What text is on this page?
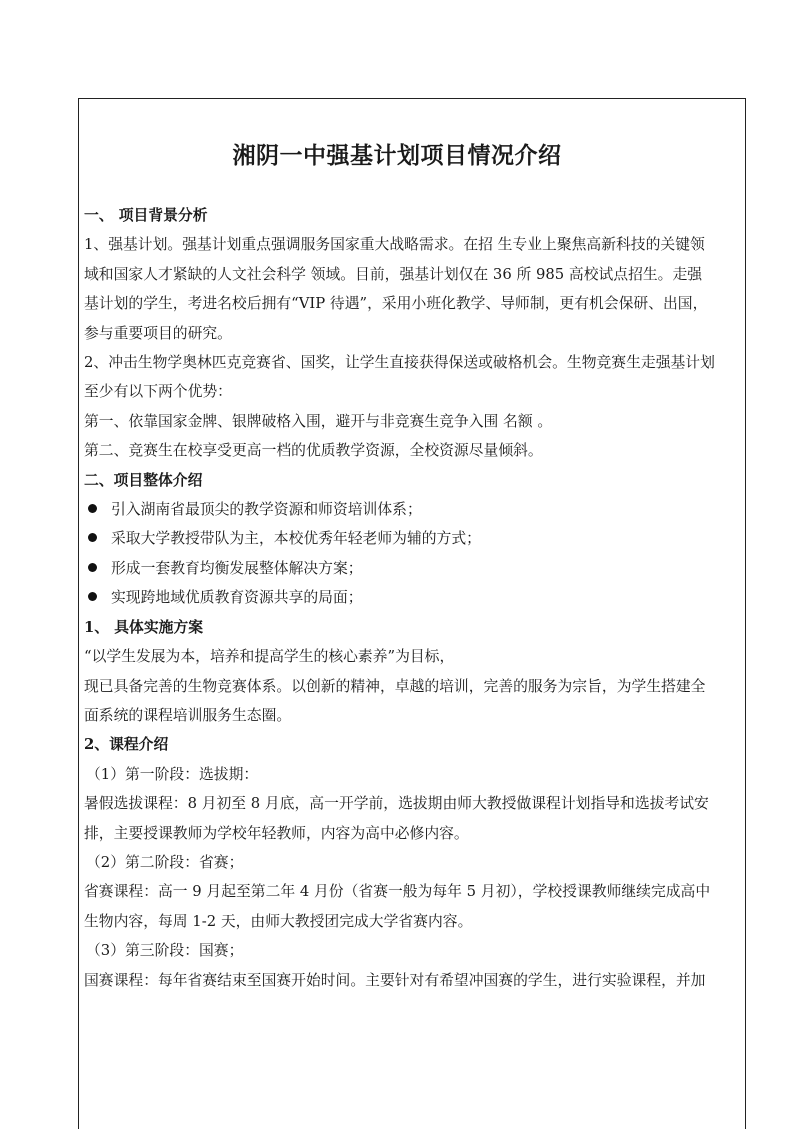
湘阴一中强基计划项目情况介绍

一、 项目背景分析

1、强基计划。强基计划重点强调服务国家重大战略需求。在招 生专业上聚焦高新科技的关键领

域和国家人才紧缺的人文社会科学 领域。目前，强基计划仅在 36 所 985 高校试点招生。走强

基计划的学生，考进名校后拥有“VIP 待遇”，采用小班化教学、导师制，更有机会保研、出国，

参与重要项目的研究。

2、冲击生物学奥林匹克竞赛省、国奖，让学生直接获得保送或破格机会。生物竞赛生走强基计划

至少有以下两个优势：

第一、依靠国家金牌、银牌破格入围，避开与非竞赛生竞争入围 名额 。

第二、竞赛生在校享受更高一档的优质教学资源，全校资源尽量倾斜。

二、项目整体介绍

引入湖南省最顶尖的教学资源和师资培训体系；

采取大学教授带队为主，本校优秀年轻老师为辅的方式；

形成一套教育均衡发展整体解决方案；

实现跨地域优质教育资源共享的局面；

1、 具体实施方案

“以学生发展为本，培养和提高学生的核心素养”为目标，

现已具备完善的生物竞赛体系。以创新的精神，卓越的培训，完善的服务为宗旨，为学生搭建全

面系统的课程培训服务生态圈。

2、课程介绍

（1）第一阶段：选拔期：

暑假选拔课程：8 月初至 8 月底，高一开学前，选拔期由师大教授做课程计划指导和选拔考试安

排，主要授课教师为学校年轻教师，内容为高中必修内容。

（2）第二阶段：省赛；

省赛课程：高一 9 月起至第二年 4 月份（省赛一般为每年 5 月初），学校授课教师继续完成高中

生物内容，每周 1-2 天，由师大教授团完成大学省赛内容。

（3）第三阶段：国赛；

国赛课程：每年省赛结束至国赛开始时间。主要针对有希望冲国赛的学生，进行实验课程，并加
